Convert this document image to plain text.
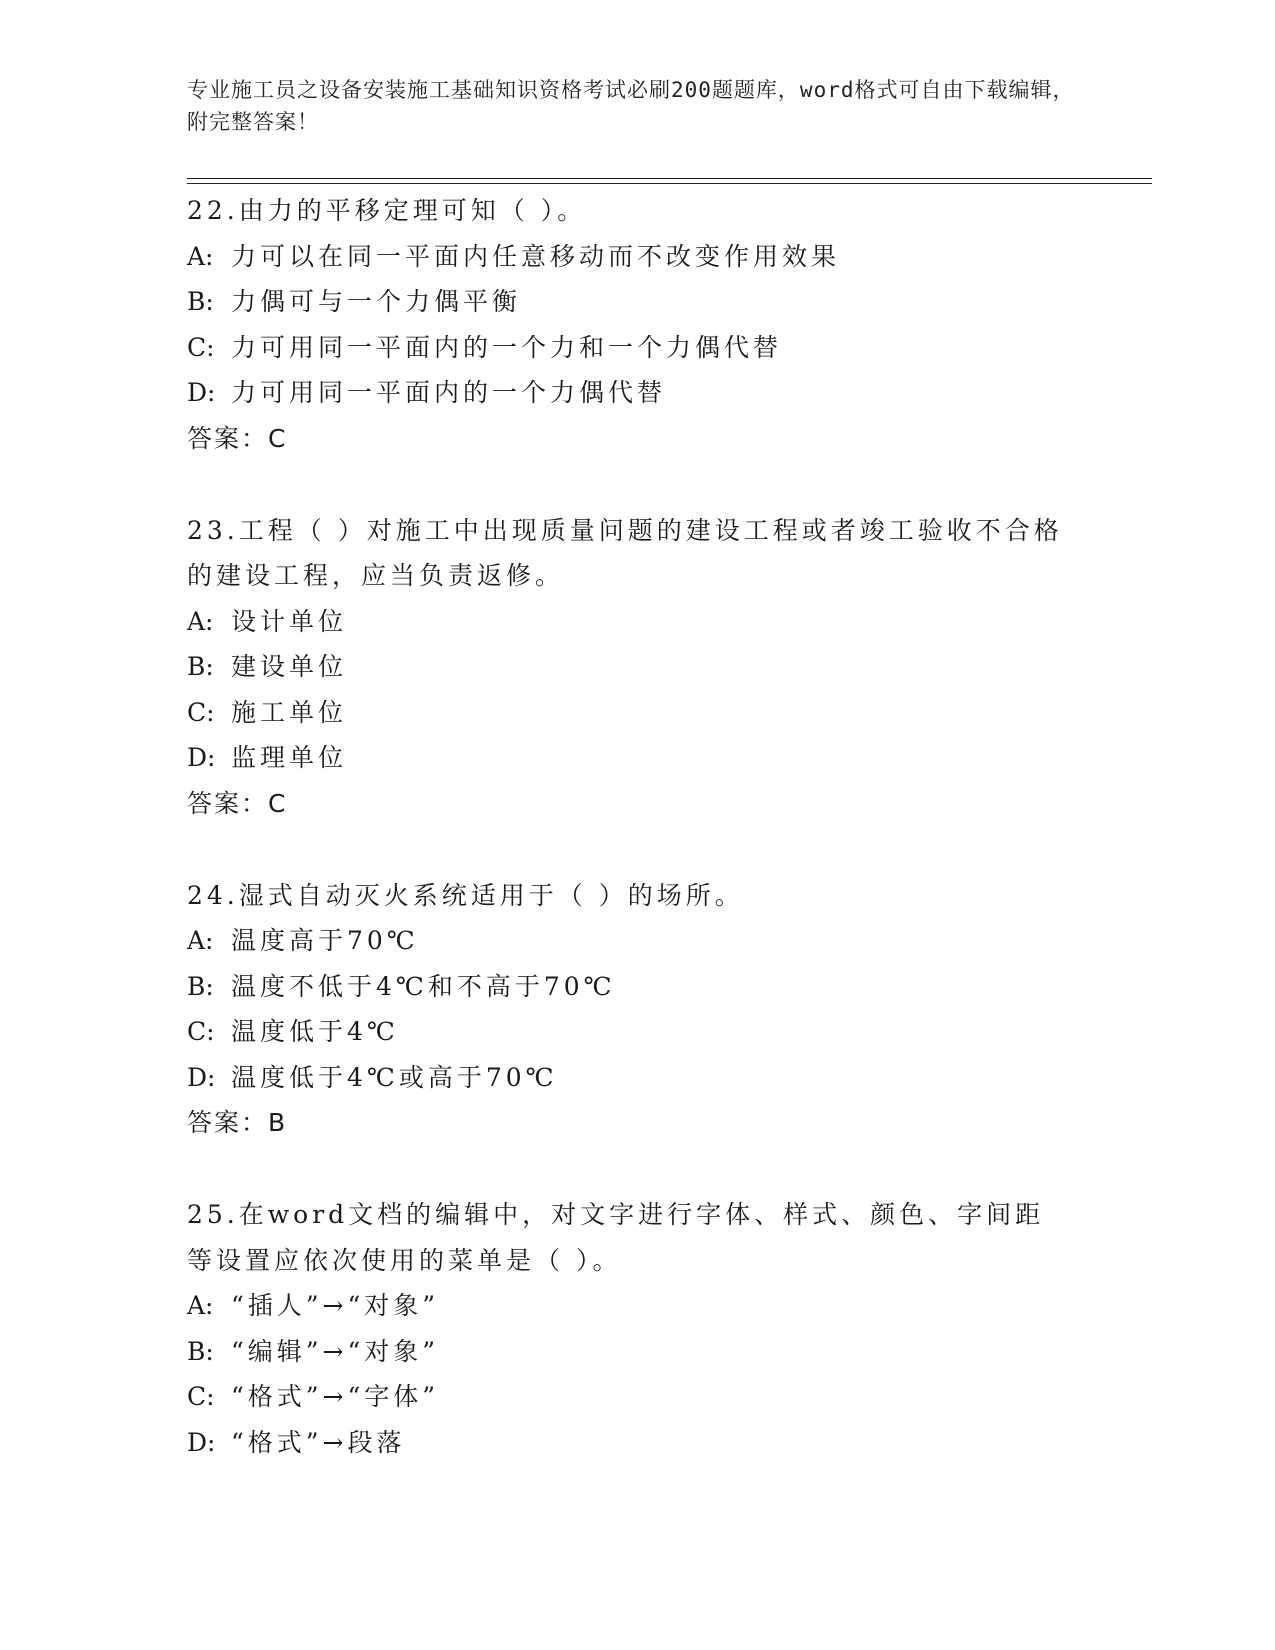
专业施工员之设备安装施工基础知识资格考试必刷200题题库，word格式可自由下载编辑，附完整答案！
22.由力的平移定理可知（ ）。
A: 力可以在同一平面内任意移动而不改变作用效果
B: 力偶可与一个力偶平衡
C: 力可用同一平面内的一个力和一个力偶代替
D: 力可用同一平面内的一个力偶代替
答案：C
23.工程（ ）对施工中出现质量问题的建设工程或者竣工验收不合格的建设工程，应当负责返修。
A: 设计单位
B: 建设单位
C: 施工单位
D: 监理单位
答案：C
24.湿式自动灭火系统适用于（ ）的场所。
A: 温度高于70℃
B: 温度不低于4℃和不高于70℃
C: 温度低于4℃
D: 温度低于4℃或高于70℃
答案：B
25.在word文档的编辑中，对文字进行字体、样式、颜色、字间距等设置应依次使用的菜单是（ ）。
A: “插人”→“对象”
B: “编辑”→“对象”
C: “格式”→“字体”
D: “格式”→段落
